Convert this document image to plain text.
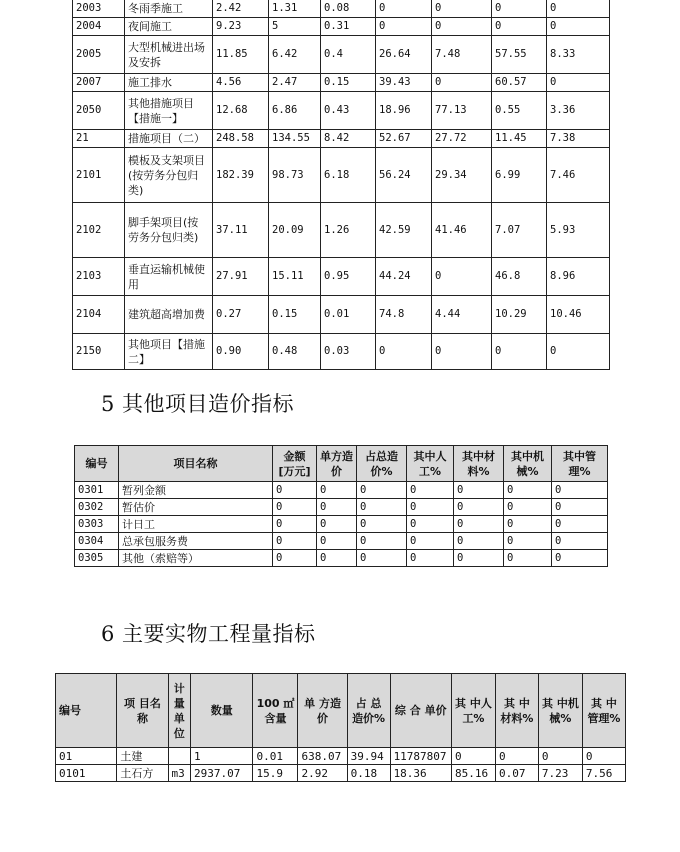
2003	冬雨季施工	2.42	1.31	0.08	0	0	0	0
2004	夜间施工	9.23	5	0.31	0	0	0	0
2005	大型机械进出场及安拆	11.85	6.42	0.4	26.64	7.48	57.55	8.33
2007	施工排水	4.56	2.47	0.15	39.43	0	60.57	0
2050	其他措施项目【措施一】	12.68	6.86	0.43	18.96	77.13	0.55	3.36
21	措施项目（二）	248.58	134.55	8.42	52.67	27.72	11.45	7.38
2101	模板及支架项目(按劳务分包归类)	182.39	98.73	6.18	56.24	29.34	6.99	7.46
2102	脚手架项目(按劳务分包归类)	37.11	20.09	1.26	42.59	41.46	7.07	5.93
2103	垂直运输机械使用	27.91	15.11	0.95	44.24	0	46.8	8.96
2104	建筑超高增加费	0.27	0.15	0.01	74.8	4.44	10.29	10.46
2150	其他项目【措施二】	0.90	0.48	0.03	0	0	0	0
5 其他项目造价指标
编号	项目名称	金额[万元]	单方造价	占总造价%	其中人工%	其中材料%	其中机械%	其中管理%
0301	暂列金额	0	0	0	0	0	0	0
0302	暂估价	0	0	0	0	0	0	0
0303	计日工	0	0	0	0	0	0	0
0304	总承包服务费	0	0	0	0	0	0	0
0305	其他（索赔等）	0	0	0	0	0	0	0
6 主要实物工程量指标
编号	项 目名称	计量单位	数量	100 ㎡含量	单 方造价	占 总造价%	综 合 单价	其 中人工%	其 中材料%	其 中机械%	其 中管理%
01	土建		1	0.01	638.07	39.94	11787807	0	0	0	0
0101	土石方	m3	2937.07	15.9	2.92	0.18	18.36	85.16	0.07	7.23	7.56
